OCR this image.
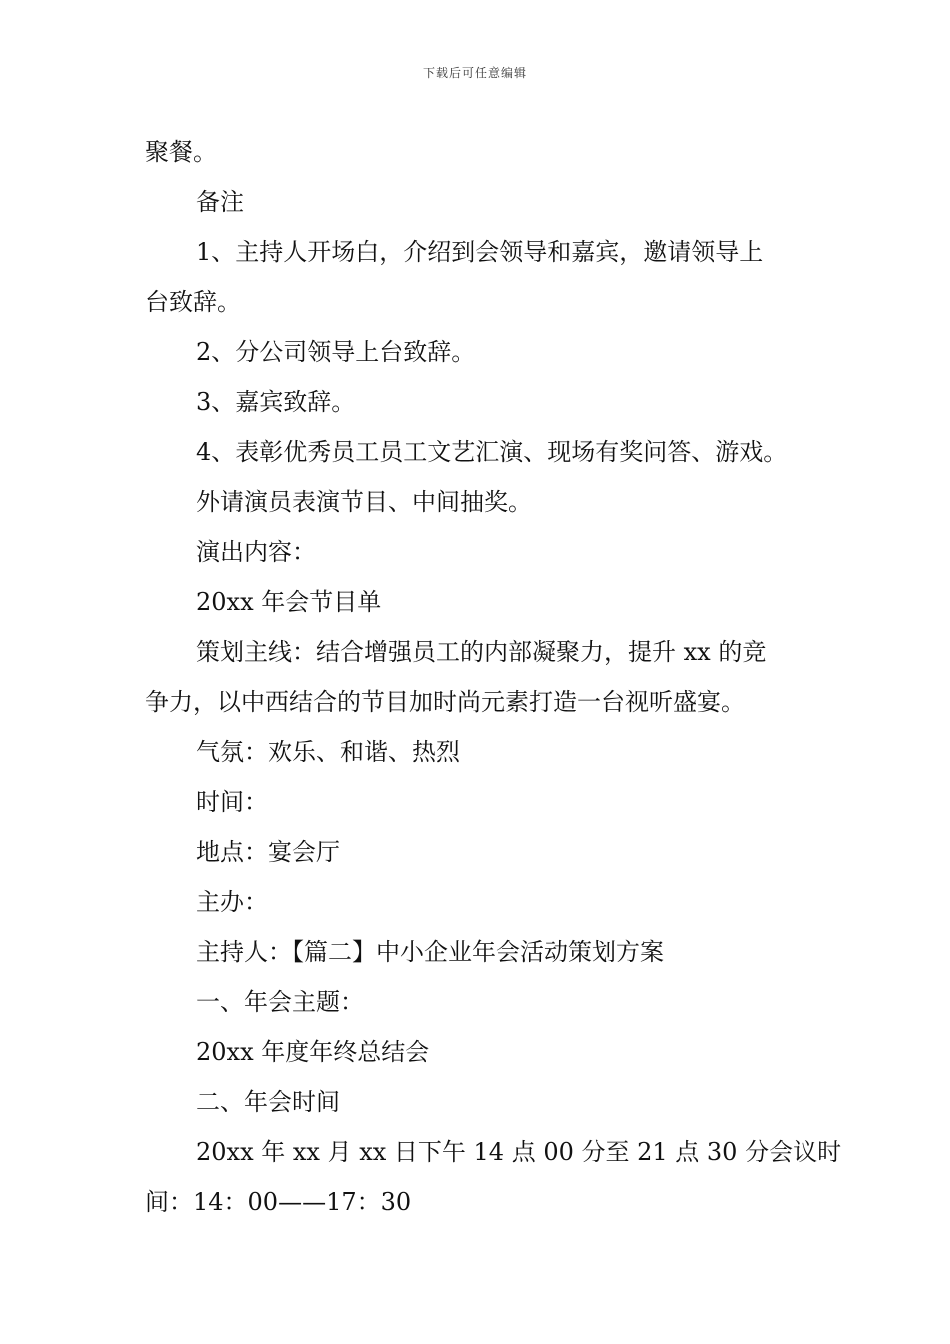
下载后可任意编辑
聚餐。
备注
1、主持人开场白，介绍到会领导和嘉宾，邀请领导上
台致辞。
2、分公司领导上台致辞。
3、嘉宾致辞。
4、表彰优秀员工员工文艺汇演、现场有奖问答、游戏。
外请演员表演节目、中间抽奖。
演出内容：
20xx 年会节目单
策划主线：结合增强员工的内部凝聚力，提升 xx 的竞
争力，以中西结合的节目加时尚元素打造一台视听盛宴。
气氛：欢乐、和谐、热烈
时间：
地点：宴会厅
主办：
主持人：【篇二】中小企业年会活动策划方案
一、年会主题：
20xx 年度年终总结会
二、年会时间
20xx 年 xx 月 xx 日下午 14 点 00 分至 21 点 30 分会议时
间：14：00——17：30
